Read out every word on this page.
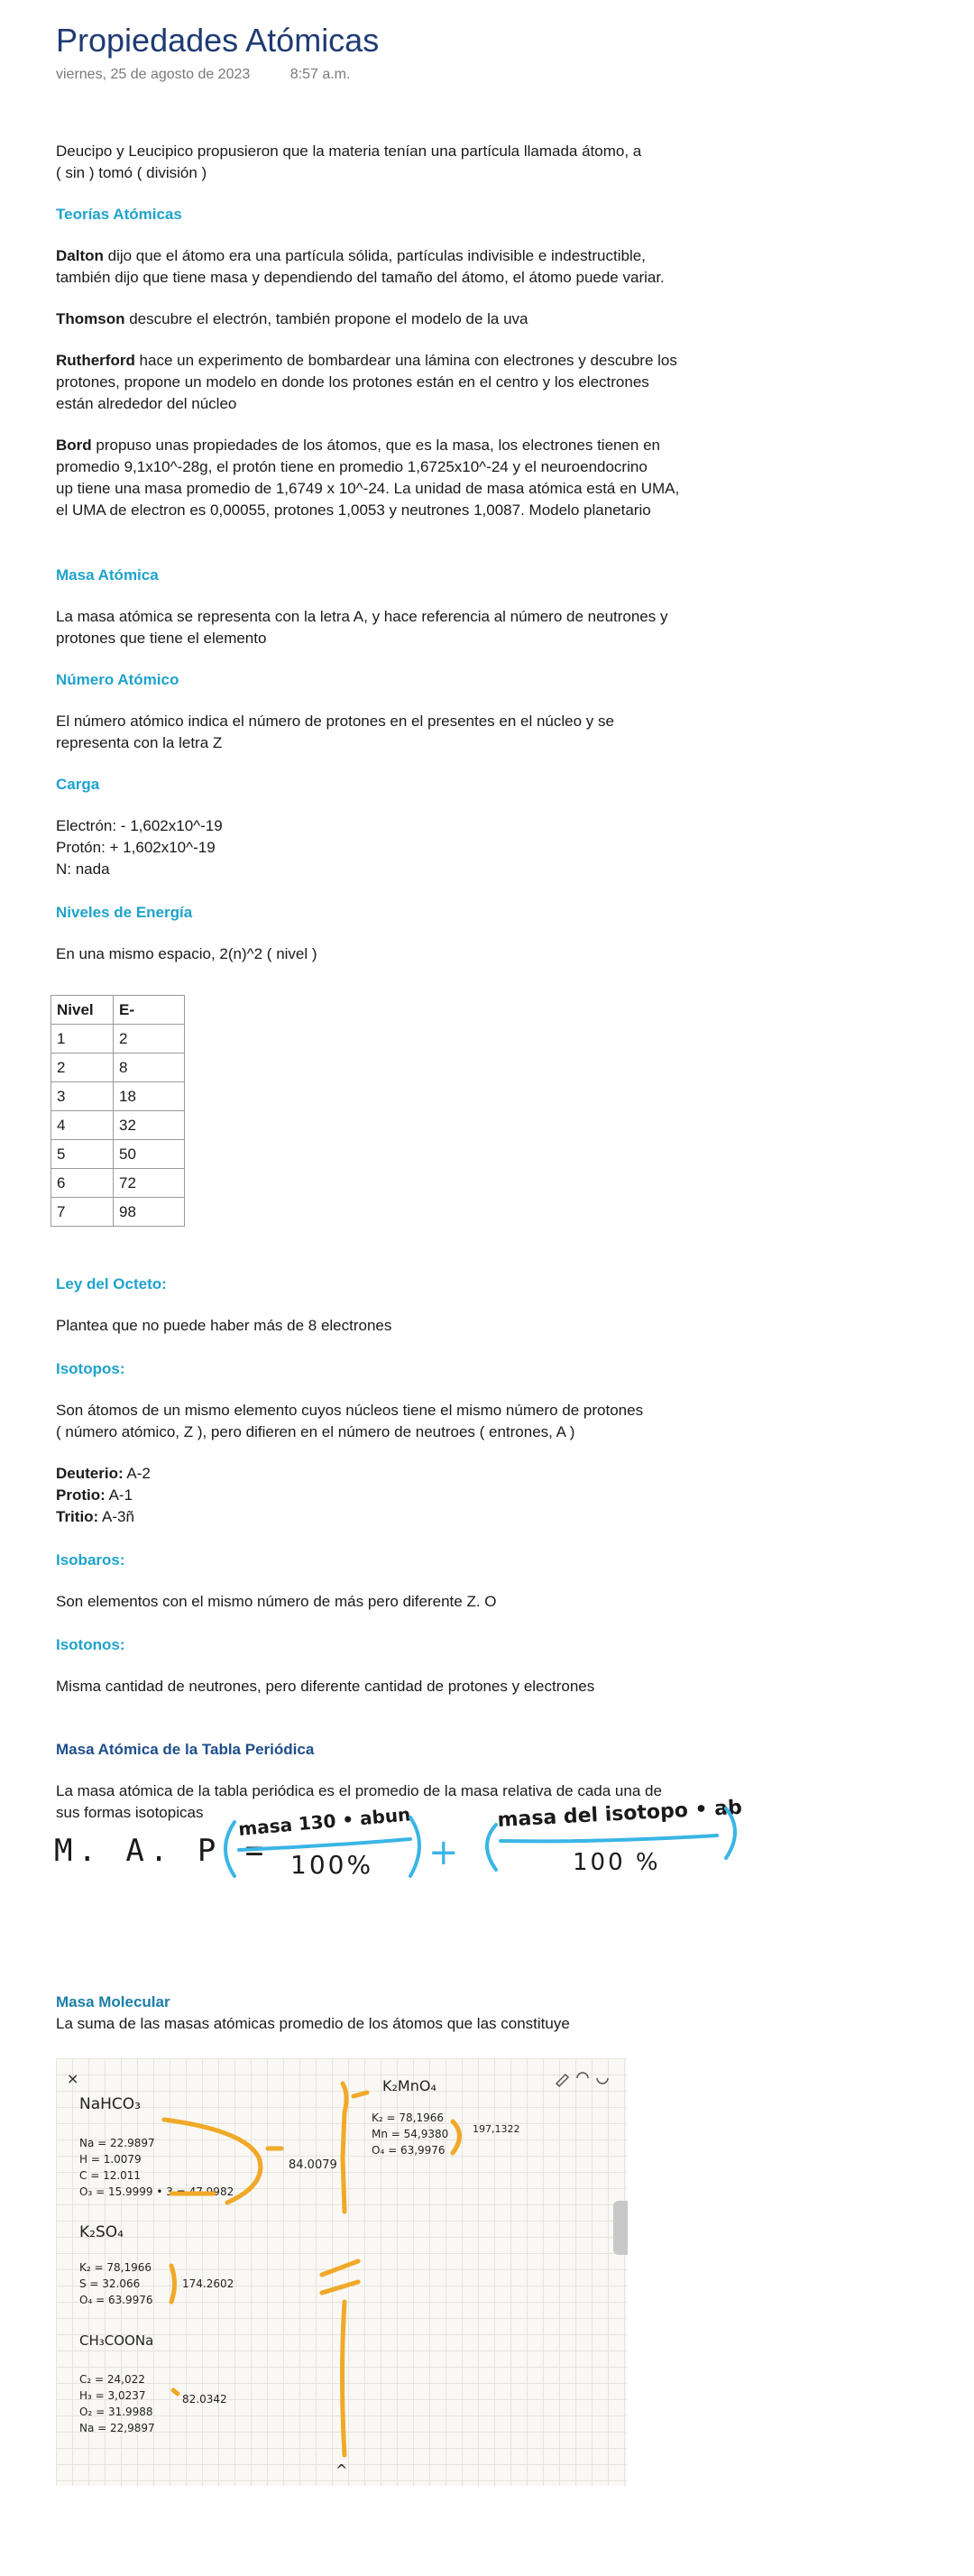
Propiedades Atómicas
viernes, 25 de agosto de 2023	8:57 a.m.
Deucipo y Leucipico propusieron que la materia tenían una partícula llamada átomo, a
( sin ) tomó ( división )
Teorías Atómicas
Dalton dijo que el átomo era una partícula sólida, partículas indivisible e indestructible,
también dijo que tiene masa y dependiendo del tamaño del átomo, el átomo puede variar.
Thomson descubre el electrón, también propone el modelo de la uva
Rutherford hace un experimento de bombardear una lámina con electrones y descubre los
protones, propone un modelo en donde los protones están en el centro y los electrones
están alrededor del núcleo
Bord propuso unas propiedades de los átomos, que es la masa, los electrones tienen en
promedio 9,1x10^-28g, el protón tiene en promedio 1,6725x10^-24 y el neuroendocrino
up tiene una masa promedio de 1,6749 x 10^-24. La unidad de masa atómica está en UMA,
el UMA de electron es 0,00055, protones 1,0053 y neutrones 1,0087. Modelo planetario
Masa Atómica
La masa atómica se representa con la letra A, y hace referencia al número de neutrones y
protones que tiene el elemento
Número Atómico
El número atómico indica el número de protones en el presentes en el núcleo y se
representa con la letra Z
Carga
Electrón: - 1,602x10^-19
Protón: + 1,602x10^-19
N: nada
Niveles de Energía
En una mismo espacio, 2(n)^2 ( nivel )
Nivel	E-
1	2
2	8
3	18
4	32
5	50
6	72
7	98
Ley del Octeto:
Plantea que no puede haber más de 8 electrones
Isotopos:
Son átomos de un mismo elemento cuyos núcleos tiene el mismo número de protones
( número atómico, Z ), pero difieren en el número de neutroes ( entrones, A )
Deuterio: A-2
Protio: A-1
Tritio: A-3ñ
Isobaros:
Son elementos con el mismo número de más pero diferente Z. O
Isotonos:
Misma cantidad de neutrones, pero diferente cantidad de protones y electrones
Masa Atómica de la Tabla Periódica
La masa atómica de la tabla periódica es el promedio de la masa relativa de cada una de
sus formas isotopicas
M. A. P =
masa 130 • abun
100% +
masa del isotopo • ab
100 %
Masa Molecular
La suma de las masas atómicas promedio de los átomos que las constituye
×
NaHCO₃
Na = 22.9897
H = 1.0079
C = 12.011
O₃ = 15.9999 • 3 = 47.9982
84.0079
K₂SO₄
K₂ = 78,1966
S = 32.066
O₄ = 63.9976
174.2602
CH₃COONa
C₂ = 24,022
H₃ = 3,0237
O₂ = 31.9988
Na = 22,9897
82.0342
K₂MnO₄
K₂ = 78,1966
Mn = 54,9380
O₄ = 63,9976
197,1322
^
